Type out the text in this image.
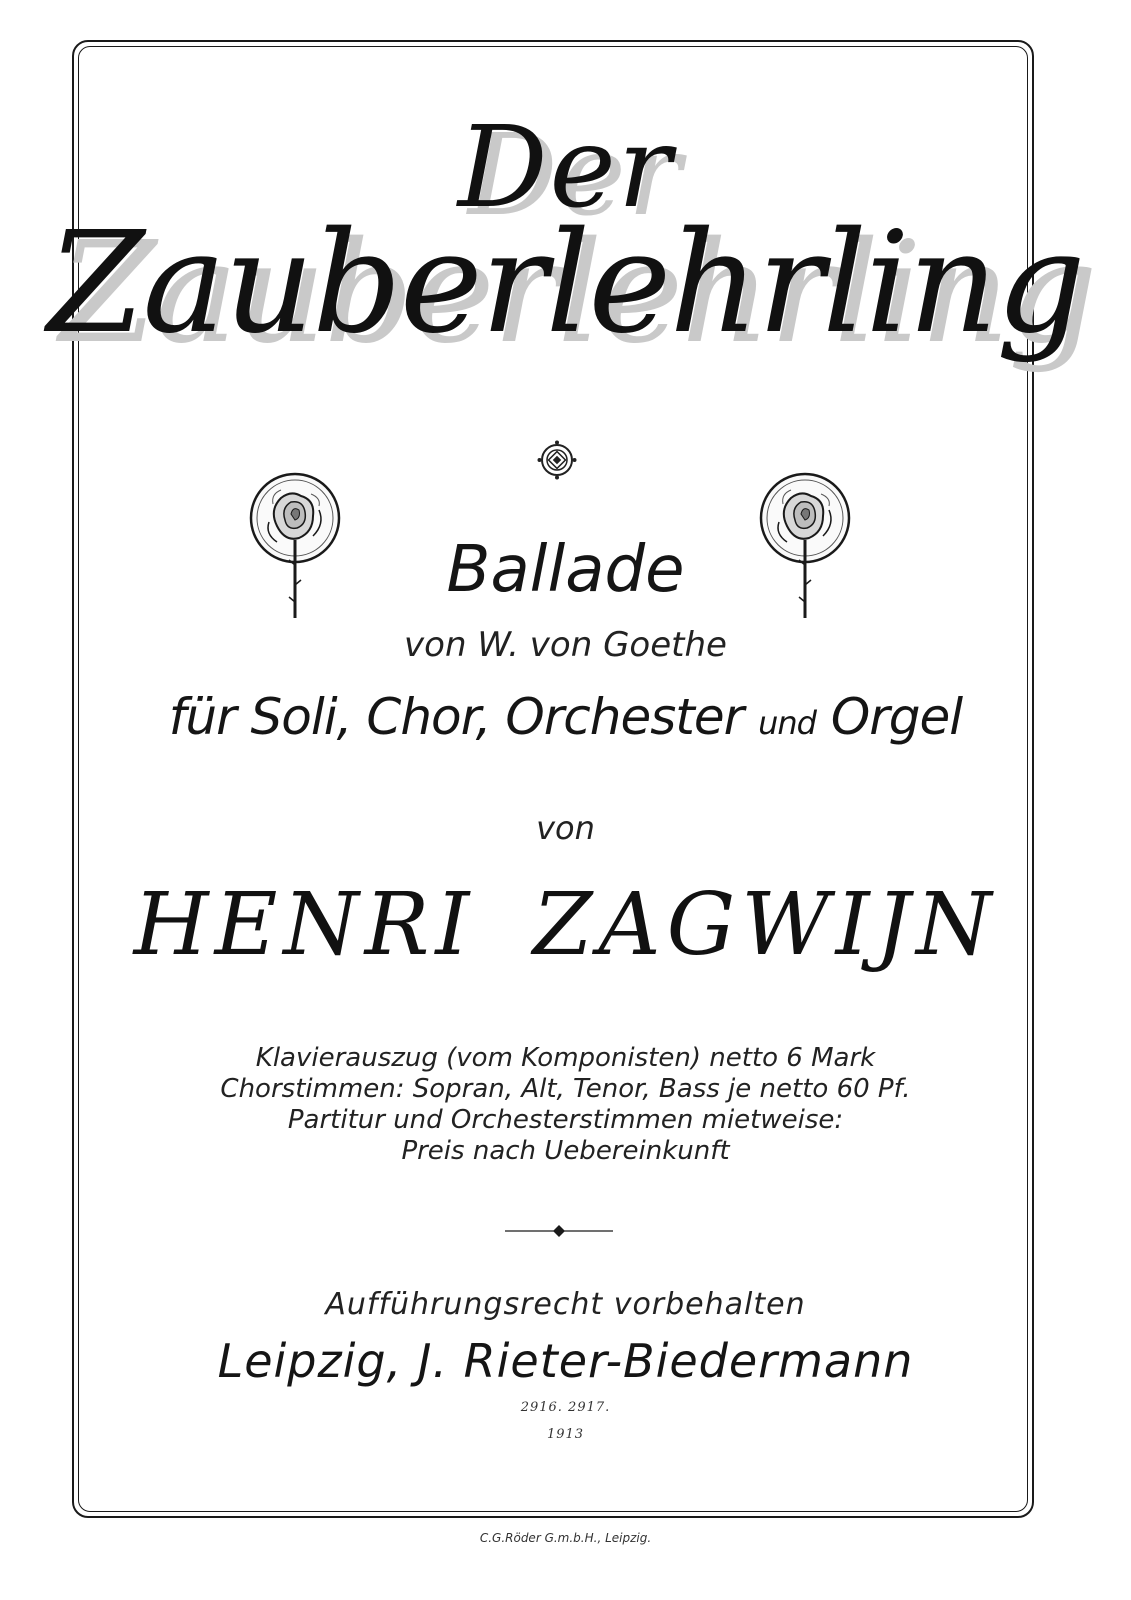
Der
Zauberlehrling
Ballade
von W. von Goethe
für Soli, Chor, Orchester und Orgel
von
HENRI ZAGWIJN
Klavierauszug (vom Komponisten) netto 6 Mark
Chorstimmen: Sopran, Alt, Tenor, Bass je netto 60 Pf.
Partitur und Orchesterstimmen mietweise:
Preis nach Uebereinkunft
Aufführungsrecht vorbehalten
Leipzig, J. Rieter-Biedermann
2916. 2917.
1913
C.G.Röder G.m.b.H., Leipzig.
